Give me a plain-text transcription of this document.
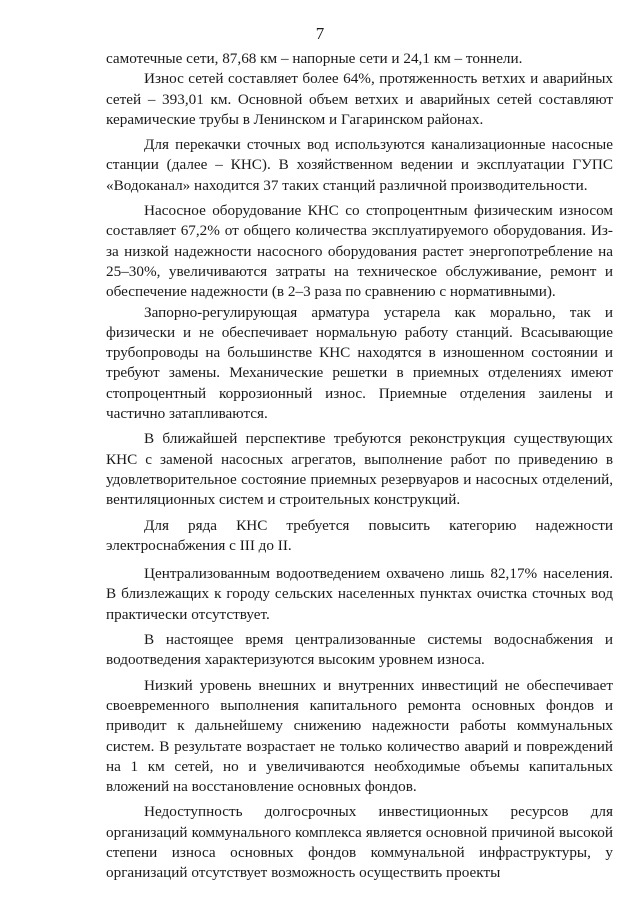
7

самотечные сети, 87,68 км – напорные сети и 24,1 км – тоннели.

Износ сетей составляет более 64%, протяженность ветхих и аварийных сетей – 393,01 км. Основной объем ветхих и аварийных сетей составляют керамические трубы в Ленинском и Гагаринском районах.

Для перекачки сточных вод используются канализационные насосные станции (далее – КНС). В хозяйственном ведении и эксплуатации ГУПС «Водоканал» находится 37 таких станций различной производительности.

Насосное оборудование КНС со стопроцентным физическим износом составляет 67,2% от общего количества эксплуатируемого оборудования. Из-за низкой надежности насосного оборудования растет энергопотребление на 25–30%, увеличиваются затраты на техническое обслуживание, ремонт и обеспечение надежности (в 2–3 раза по сравнению с нормативными).

Запорно-регулирующая арматура устарела как морально, так и физически и не обеспечивает нормальную работу станций. Всасывающие трубопроводы на большинстве КНС находятся в изношенном состоянии и требуют замены. Механические решетки в приемных отделениях имеют стопроцентный коррозионный износ. Приемные отделения заилены и частично затапливаются.

В ближайшей перспективе требуются реконструкция существующих КНС с заменой насосных агрегатов, выполнение работ по приведению в удовлетворительное состояние приемных резервуаров и насосных отделений, вентиляционных систем и строительных конструкций.

Для ряда КНС требуется повысить категорию надежности электроснабжения с III до II.

Централизованным водоотведением охвачено лишь 82,17% населения. В близлежащих к городу сельских населенных пунктах очистка сточных вод практически отсутствует.

В настоящее время централизованные системы водоснабжения и водоотведения характеризуются высоким уровнем износа.

Низкий уровень внешних и внутренних инвестиций не обеспечивает своевременного выполнения капитального ремонта основных фондов и приводит к дальнейшему снижению надежности работы коммунальных систем. В результате возрастает не только количество аварий и повреждений на 1 км сетей, но и увеличиваются необходимые объемы капитальных вложений на восстановление основных фондов.

Недоступность долгосрочных инвестиционных ресурсов для организаций коммунального комплекса является основной причиной высокой степени износа основных фондов коммунальной инфраструктуры, у организаций отсутствует возможность осуществить проекты
